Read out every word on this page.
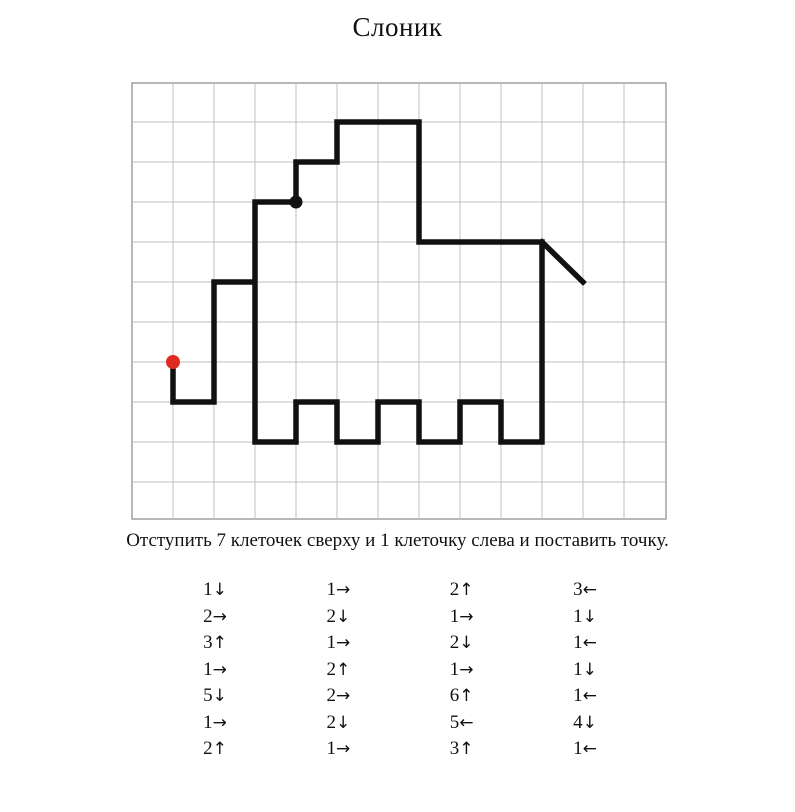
Слоник
Отступить 7 клеточек сверху и 1 клеточку слева и поставить точку.
1↓
2→
3↑
1→
5↓
1→
2↑
1→
2↓
1→
2↑
2→
2↓
1→
2↑
1→
2↓
1→
6↑
5←
3↑
3←
1↓
1←
1↓
1←
4↓
1←
